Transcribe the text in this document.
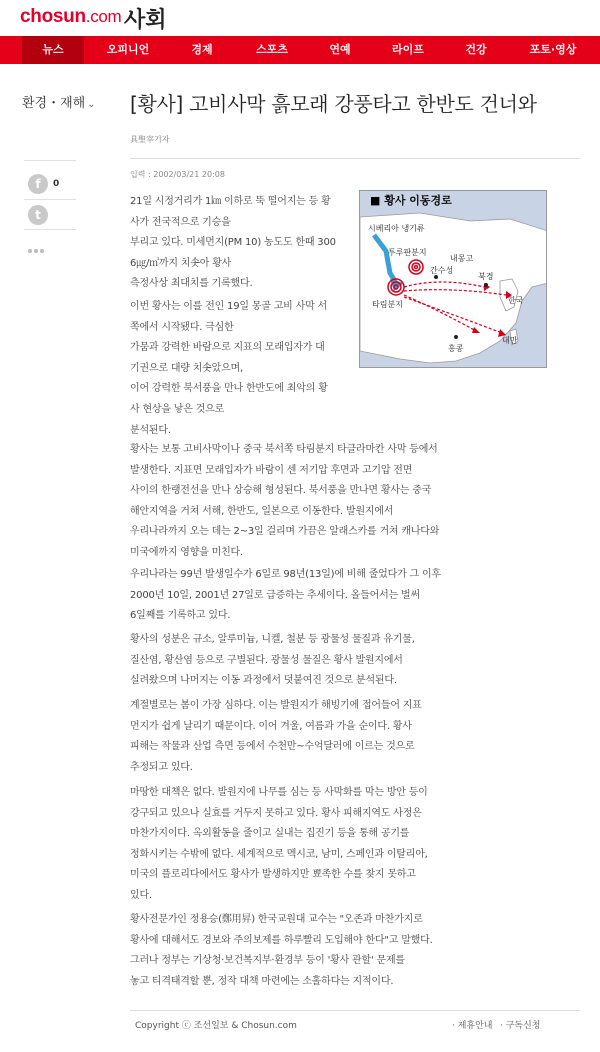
chosun.com 사회
뉴스	오피니언	경제	스포츠	연예	라이프	건강	포토·영상
환경・재해 ⌄ [황사] 고비사막 흙모래 강풍타고 한반도 건너와
具聖宰기자
입력 : 2002/03/21 20:08
f	0
t
21일 시정거리가 1㎞ 이하로 뚝 떨어지는 등 황
사가 전국적으로 기승을
부리고 있다. 미세먼지(PM 10) 농도도 한때 300
6㎍/㎥까지 치솟아 황사
측정사상 최대치를 기록했다.
이번 황사는 이를 전인 19일 몽골 고비 사막 서
쪽에서 시작됐다. 극심한
가뭄과 강력한 바람으로 지표의 모래입자가 대
기권으로 대량 치솟았으며,
이어 강력한 북서풍을 만나 한반도에 최악의 황
사 현상을 낳은 것으로
분석된다.
■ 황사 이동경로
시베리아 냉기류
투루판분지
내몽고
간수성
타림분지
북경
한국
대만
홍콩
황사는 보통 고비사막이나 중국 북서쪽 타림분지 타클라마칸 사막 등에서
발생한다. 지표면 모래입자가 바람이 센 저기압 후면과 고기압 전면
사이의 한랭전선을 만나 상승해 형성된다. 북서풍을 만나면 황사는 중국
해안지역을 거쳐 서해, 한반도, 일본으로 이동한다. 발원지에서
우리나라까지 오는 데는 2~3일 걸리며 가끔은 알래스카를 거쳐 캐나다와
미국에까지 영향을 미친다.
우리나라는 99년 발생일수가 6일로 98년(13일)에 비해 줄었다가 그 이후
2000년 10일, 2001년 27일로 급증하는 추세이다. 올들어서는 벌써
6일째를 기록하고 있다.
황사의 성분은 규소, 알루미늄, 니켈, 철분 등 광물성 물질과 유기물,
질산염, 황산염 등으로 구별된다. 광물성 물질은 황사 발원지에서
실려왔으며 나머지는 이동 과정에서 덧붙여진 것으로 분석된다.
계절별로는 봄이 가장 심하다. 이는 발원지가 해빙기에 접어들어 지표
먼지가 쉽게 날리기 때문이다. 이어 겨울, 여름과 가을 순이다. 황사
피해는 작물과 산업 측면 등에서 수천만~수억달러에 이르는 것으로
추정되고 있다.
마땅한 대책은 없다. 발원지에 나무를 심는 등 사막화를 막는 방안 등이
강구되고 있으나 실효를 거두지 못하고 있다. 황사 피해지역도 사정은
마찬가지이다. 옥외활동을 줄이고 실내는 집진기 등을 통해 공기를
정화시키는 수밖에 없다. 세계적으로 멕시코, 남미, 스페인과 이탈리아,
미국의 플로리다에서도 황사가 발생하지만 뾰족한 수를 찾지 못하고
있다.
황사전문가인 정용승(鄭用昇) 한국교원대 교수는 "오존과 마찬가지로
황사에 대해서도 경보와 주의보제를 하루빨리 도입해야 한다"고 말했다.
그러나 정부는 기상청·보건복지부·환경부 등이 '황사 관할' 문제를
놓고 티격태격할 뿐, 정작 대책 마련에는 소홀하다는 지적이다.
Copyright ⓒ 조선일보 & Chosun.com	· 제휴안내 · 구독신청
